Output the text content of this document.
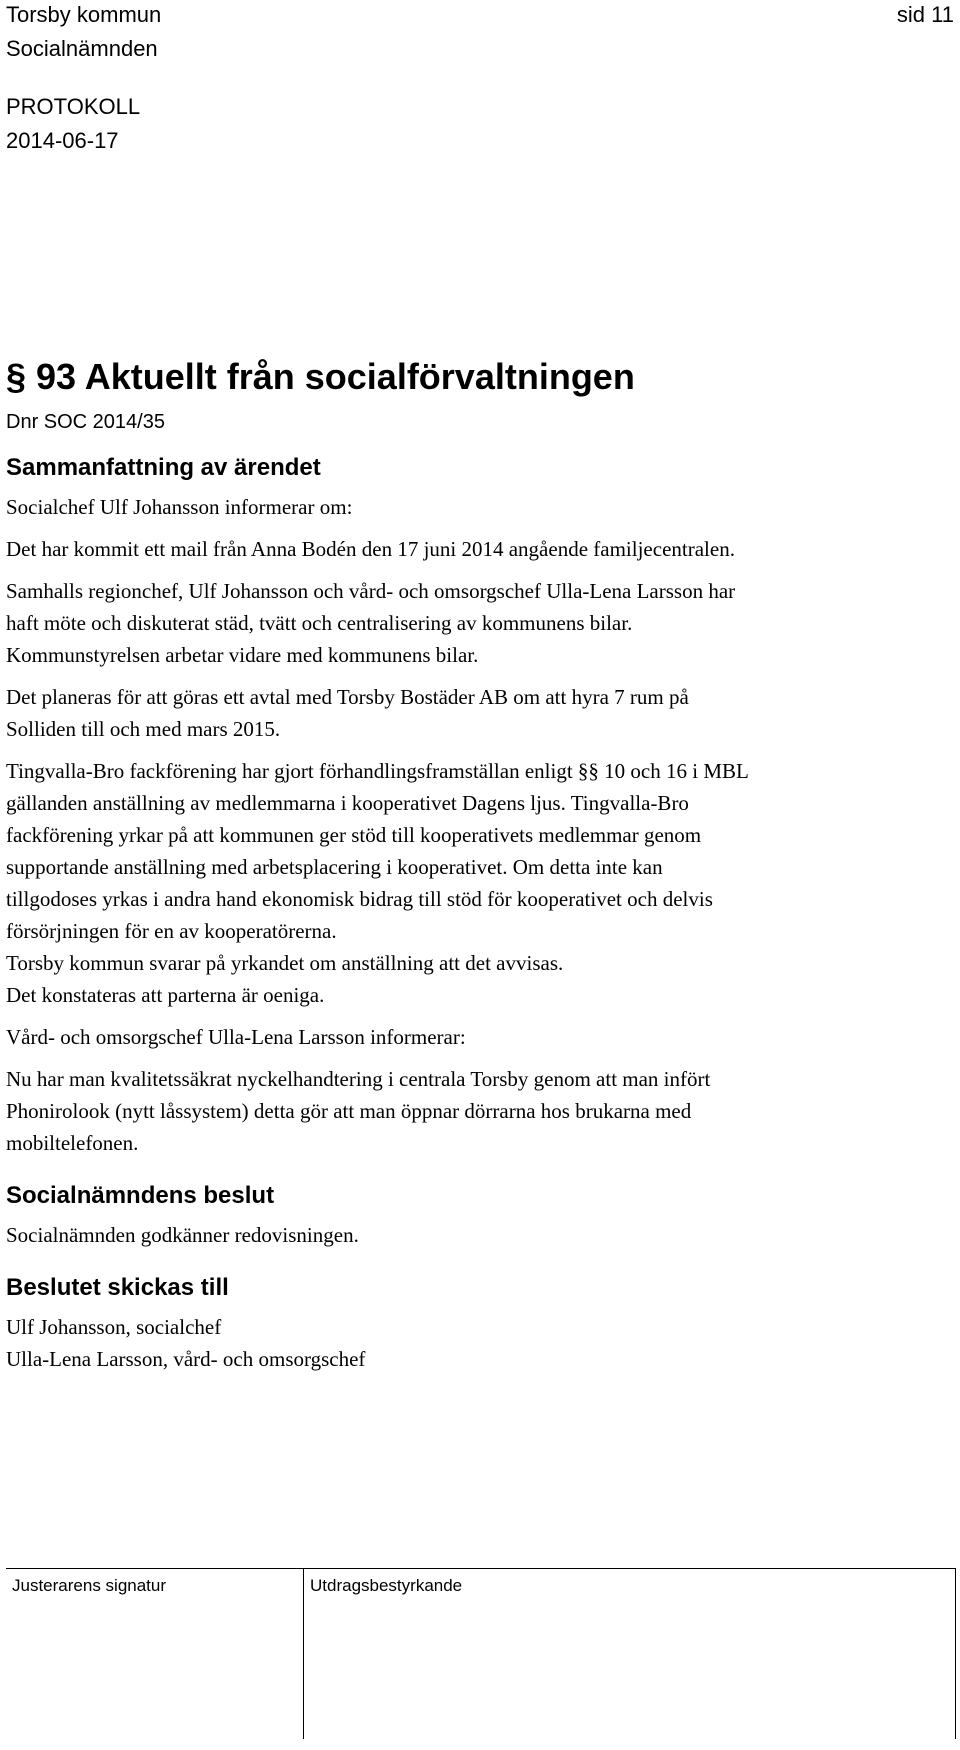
Torsby kommun
Socialnämnden
sid 11
PROTOKOLL
2014-06-17
§ 93 Aktuellt från socialförvaltningen
Dnr SOC 2014/35
Sammanfattning av ärendet
Socialchef Ulf Johansson informerar om:
Det har kommit ett mail från Anna Bodén den 17 juni 2014 angående familjecentralen.
Samhalls regionchef, Ulf Johansson och vård- och omsorgschef Ulla-Lena Larsson har
haft möte och diskuterat städ, tvätt och centralisering av kommunens bilar.
Kommunstyrelsen arbetar vidare med kommunens bilar.
Det planeras för att göras ett avtal med Torsby Bostäder AB om att hyra 7 rum på
Solliden till och med mars 2015.
Tingvalla-Bro fackförening har gjort förhandlingsframställan enligt §§ 10 och 16 i MBL
gällanden anställning av medlemmarna i kooperativet Dagens ljus. Tingvalla-Bro
fackförening yrkar på att kommunen ger stöd till kooperativets medlemmar genom
supportande anställning med arbetsplacering i kooperativet. Om detta inte kan
tillgodoses yrkas i andra hand ekonomisk bidrag till stöd för kooperativet och delvis
försörjningen för en av kooperatörerna.
Torsby kommun svarar på yrkandet om anställning att det avvisas.
Det konstateras att parterna är oeniga.
Vård- och omsorgschef Ulla-Lena Larsson informerar:
Nu har man kvalitetssäkrat nyckelhandtering i centrala Torsby genom att man infört
Phonirolook (nytt låssystem) detta gör att man öppnar dörrarna hos brukarna med
mobiltelefonen.
Socialnämndens beslut
Socialnämnden godkänner redovisningen.
Beslutet skickas till
Ulf Johansson, socialchef
Ulla-Lena Larsson, vård- och omsorgschef
Justerarens signatur	Utdragsbestyrkande
